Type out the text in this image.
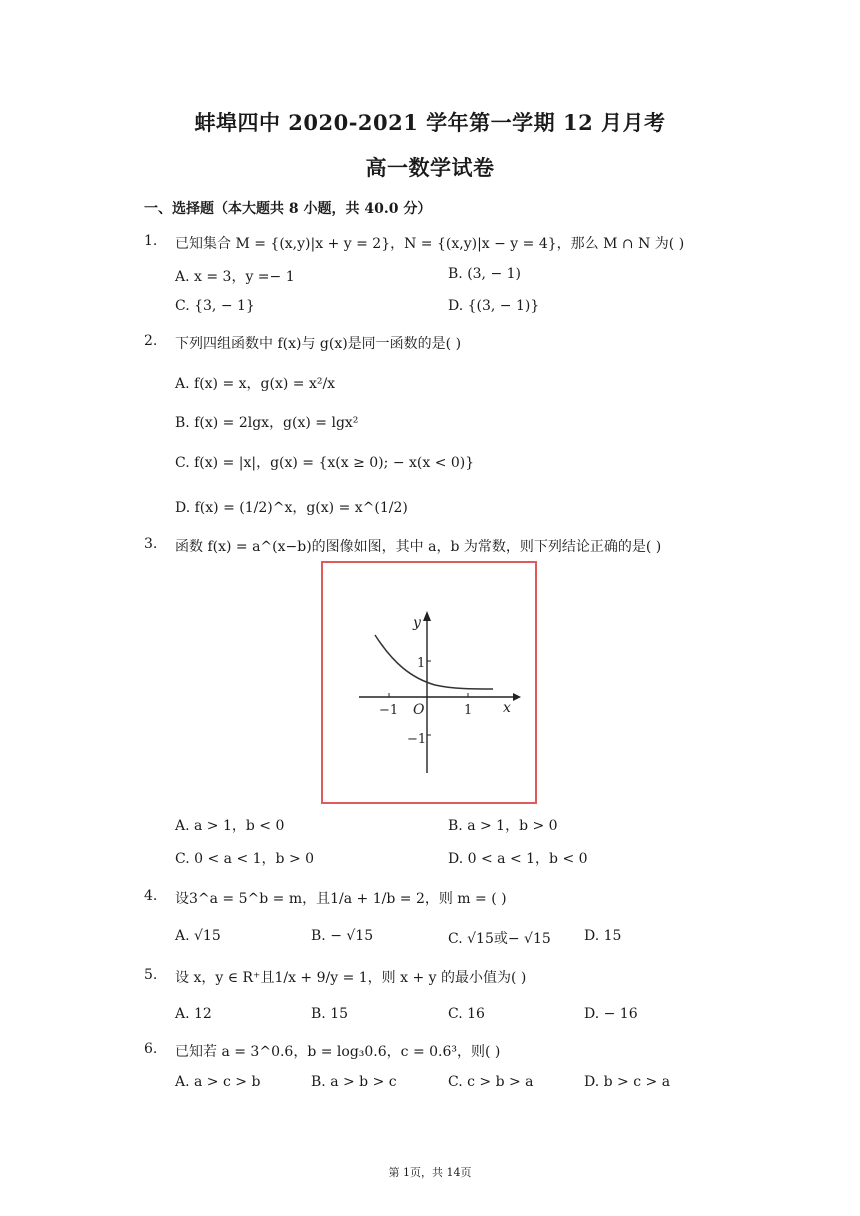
蚌埠四中 2020-2021 学年第一学期 12 月月考
高一数学试卷
一、选择题（本大题共 8 小题，共 40.0 分）
1. 已知集合 M = {(x,y)|x + y = 2}，N = {(x,y)|x − y = 4}，那么 M ∩ N 为( )
A. x = 3，y =− 1	B. (3, − 1)
C. {3, − 1}	D. {(3, − 1)}
2. 下列四组函数中 f(x)与 g(x)是同一函数的是( )
A. f(x) = x，g(x) = x²/x
B. f(x) = 2lgx，g(x) = lgx²
C. f(x) = |x|，g(x) = {x(x ≥ 0); − x(x < 0)}
D. f(x) = (1/2)^x，g(x) = x^(1/2)
3. 函数 f(x) = a^(x−b)的图像如图，其中 a，b 为常数，则下列结论正确的是( )
y
x
O
−1	1
1
−1
A. a > 1，b < 0	B. a > 1，b > 0
C. 0 < a < 1，b > 0	D. 0 < a < 1，b < 0
4. 设3^a = 5^b = m，且1/a + 1/b = 2，则 m = ( )
A. √15	B. − √15	C. √15或− √15 D. 15
5. 设 x，y ∈ R⁺且1/x + 9/y = 1，则 x + y 的最小值为( )
A. 12	B. 15	C. 16	D. − 16
6. 已知若 a = 3^0.6，b = log₃0.6，c = 0.6³，则( )
A. a > c > b	B. a > b > c	C. c > b > a	D. b > c > a
第 1页，共 14页
